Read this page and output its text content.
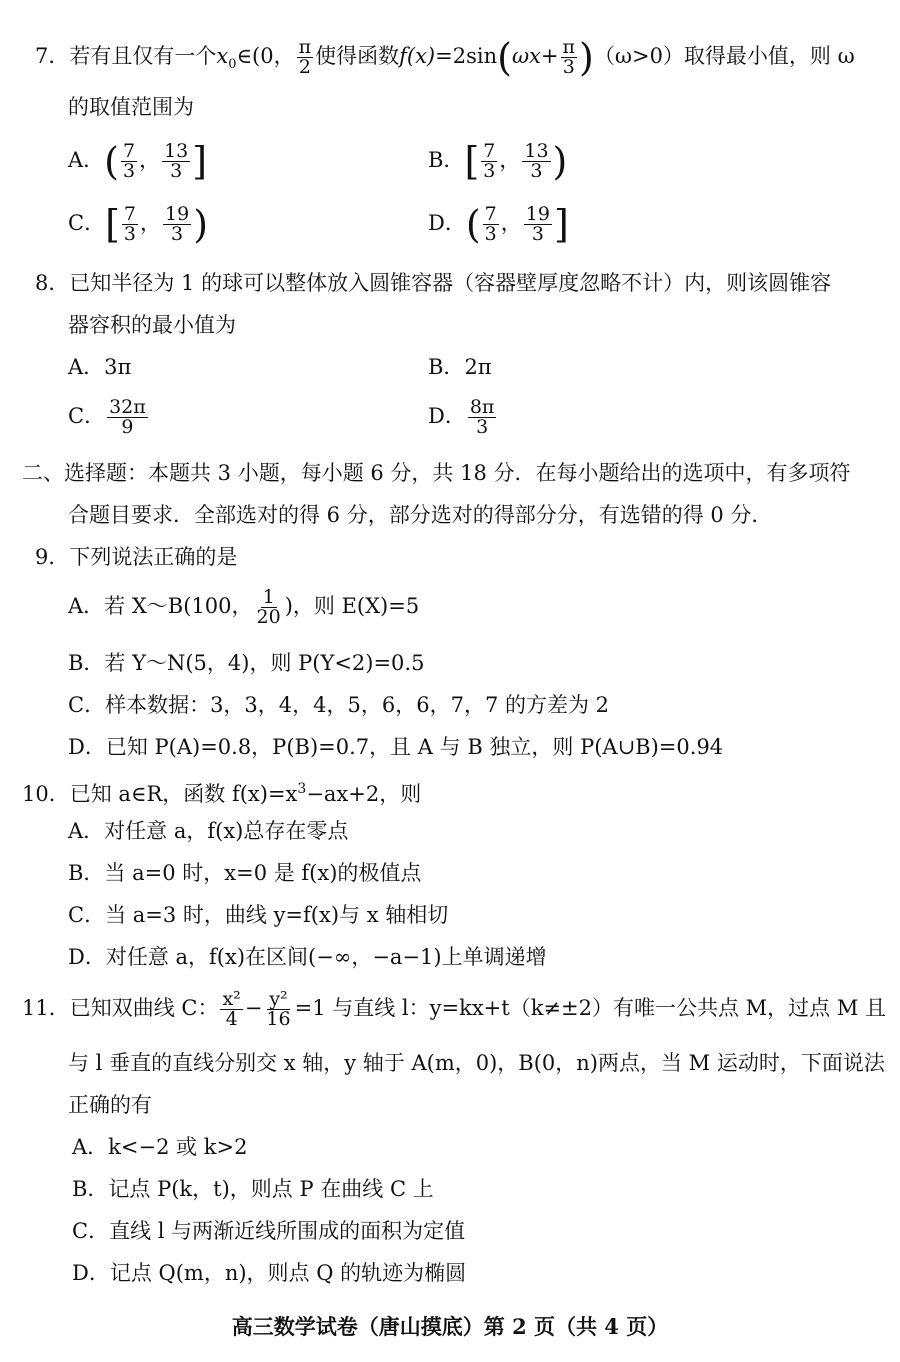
7．若有且仅有一个$x_0\in(0$， $\frac{\pi}{2}$ 使得函数$f(x)=2\sin(\omega x+ \frac{\pi}{3} )(\omega>0)$取得最小值，则 ω
的取值范围为
A．( $\frac{7}{3}$ ， $\frac{13}{3}$ ]	B．[ $\frac{7}{3}$ ， $\frac{13}{3}$ )
C．[ $\frac{7}{3}$ ， $\frac{19}{3}$ )	D．( $\frac{7}{3}$ ， $\frac{19}{3}$ ]
8．已知半径为 1 的球可以整体放入圆锥容器（容器壁厚度忽略不计）内，则该圆锥容
器容积的最小值为
A．3π	B．2π
C． $\frac{32\pi}{9}$	D． $\frac{8\pi}{3}$
二、选择题：本题共 3 小题，每小题 6 分，共 18 分．在每小题给出的选项中，有多项符
合题目要求．全部选对的得 6 分，部分选对的得部分分，有选错的得 0 分．
9．下列说法正确的是
A．若 X～B(100， $\frac{1}{20}$ )，则 E(X)=5
B．若 Y～N(5，4)，则 P(Y<2)=0.5
C．样本数据：3，3，4，4，5，6，6，7，7 的方差为 2
D．已知 P(A)=0.8，P(B)=0.7，且 A 与 B 独立，则 P(A∪B)=0.94
10．已知 a∈R，函数 $f(x)=x^3-ax+2$，则
A．对任意 a，f(x)总存在零点
B．当 a=0 时，x=0 是 f(x)的极值点
C．当 a=3 时，曲线 y=f(x)与 x 轴相切
D．对任意 a，f(x)在区间(−∞，−a−1)上单调递增
11．已知双曲线 C： $\frac{\text{x²}}{4} - \frac{\text{y²}}{16} =1$ 与直线 l：y=kx+t（k≠±2）有唯一公共点 M，过点 M 且
与 l 垂直的直线分别交 x 轴，y 轴于 A(m，0)，B(0，n)两点，当 M 运动时，下面说法
正确的有
A．k<−2 或 k>2
B．记点 P(k，t)，则点 P 在曲线 C 上
C．直线 l 与两渐近线所围成的面积为定值
D．记点 Q(m，n)，则点 Q 的轨迹为椭圆
高三数学试卷（唐山摸底）第 2 页（共 4 页）
